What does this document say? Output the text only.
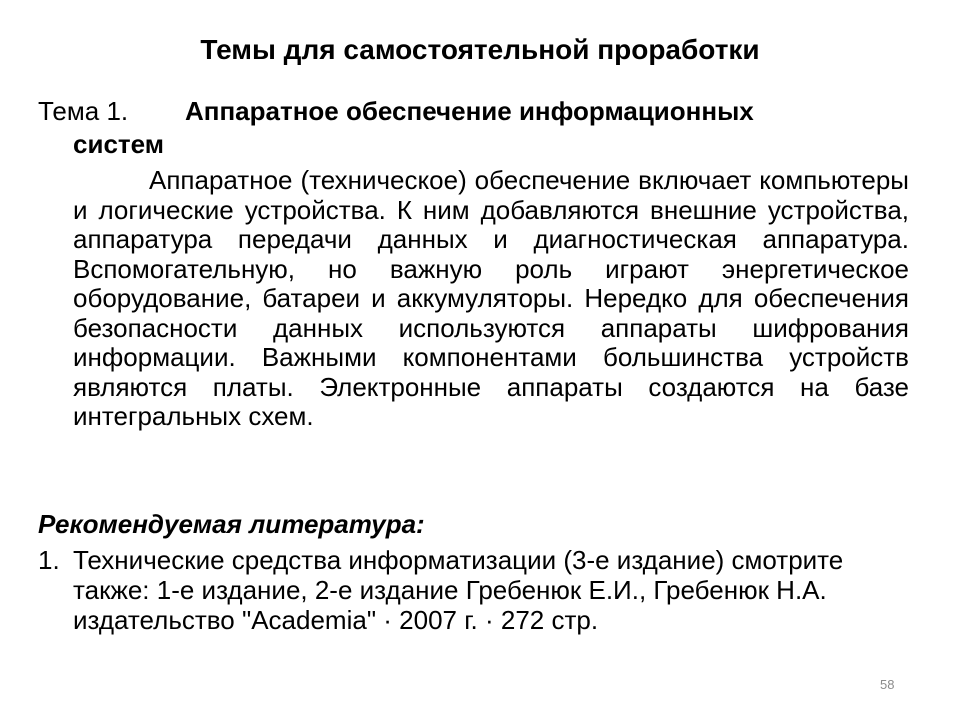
Темы для самостоятельной проработки
Тема 1. Аппаратное обеспечение информационных
систем

Аппаратное (техническое) обеспечение включает компьютеры и логические устройства. К ним добавляются внешние устройства, аппаратура передачи данных и диагностическая аппаратура. Вспомогательную, но важную роль играют энергетическое оборудование, батареи и аккумуляторы. Нередко для обеспечения безопасности данных используются аппараты шифрования информации. Важными компонентами большинства устройств являются платы. Электронные аппараты создаются на базе интегральных схем.

Рекомендуемая литература:
1. Технические средства информатизации (3-е издание) смотрите также: 1-е издание, 2-е издание Гребенюк Е.И., Гребенюк Н.А. издательство "Academia" · 2007 г. · 272 стр.
58
